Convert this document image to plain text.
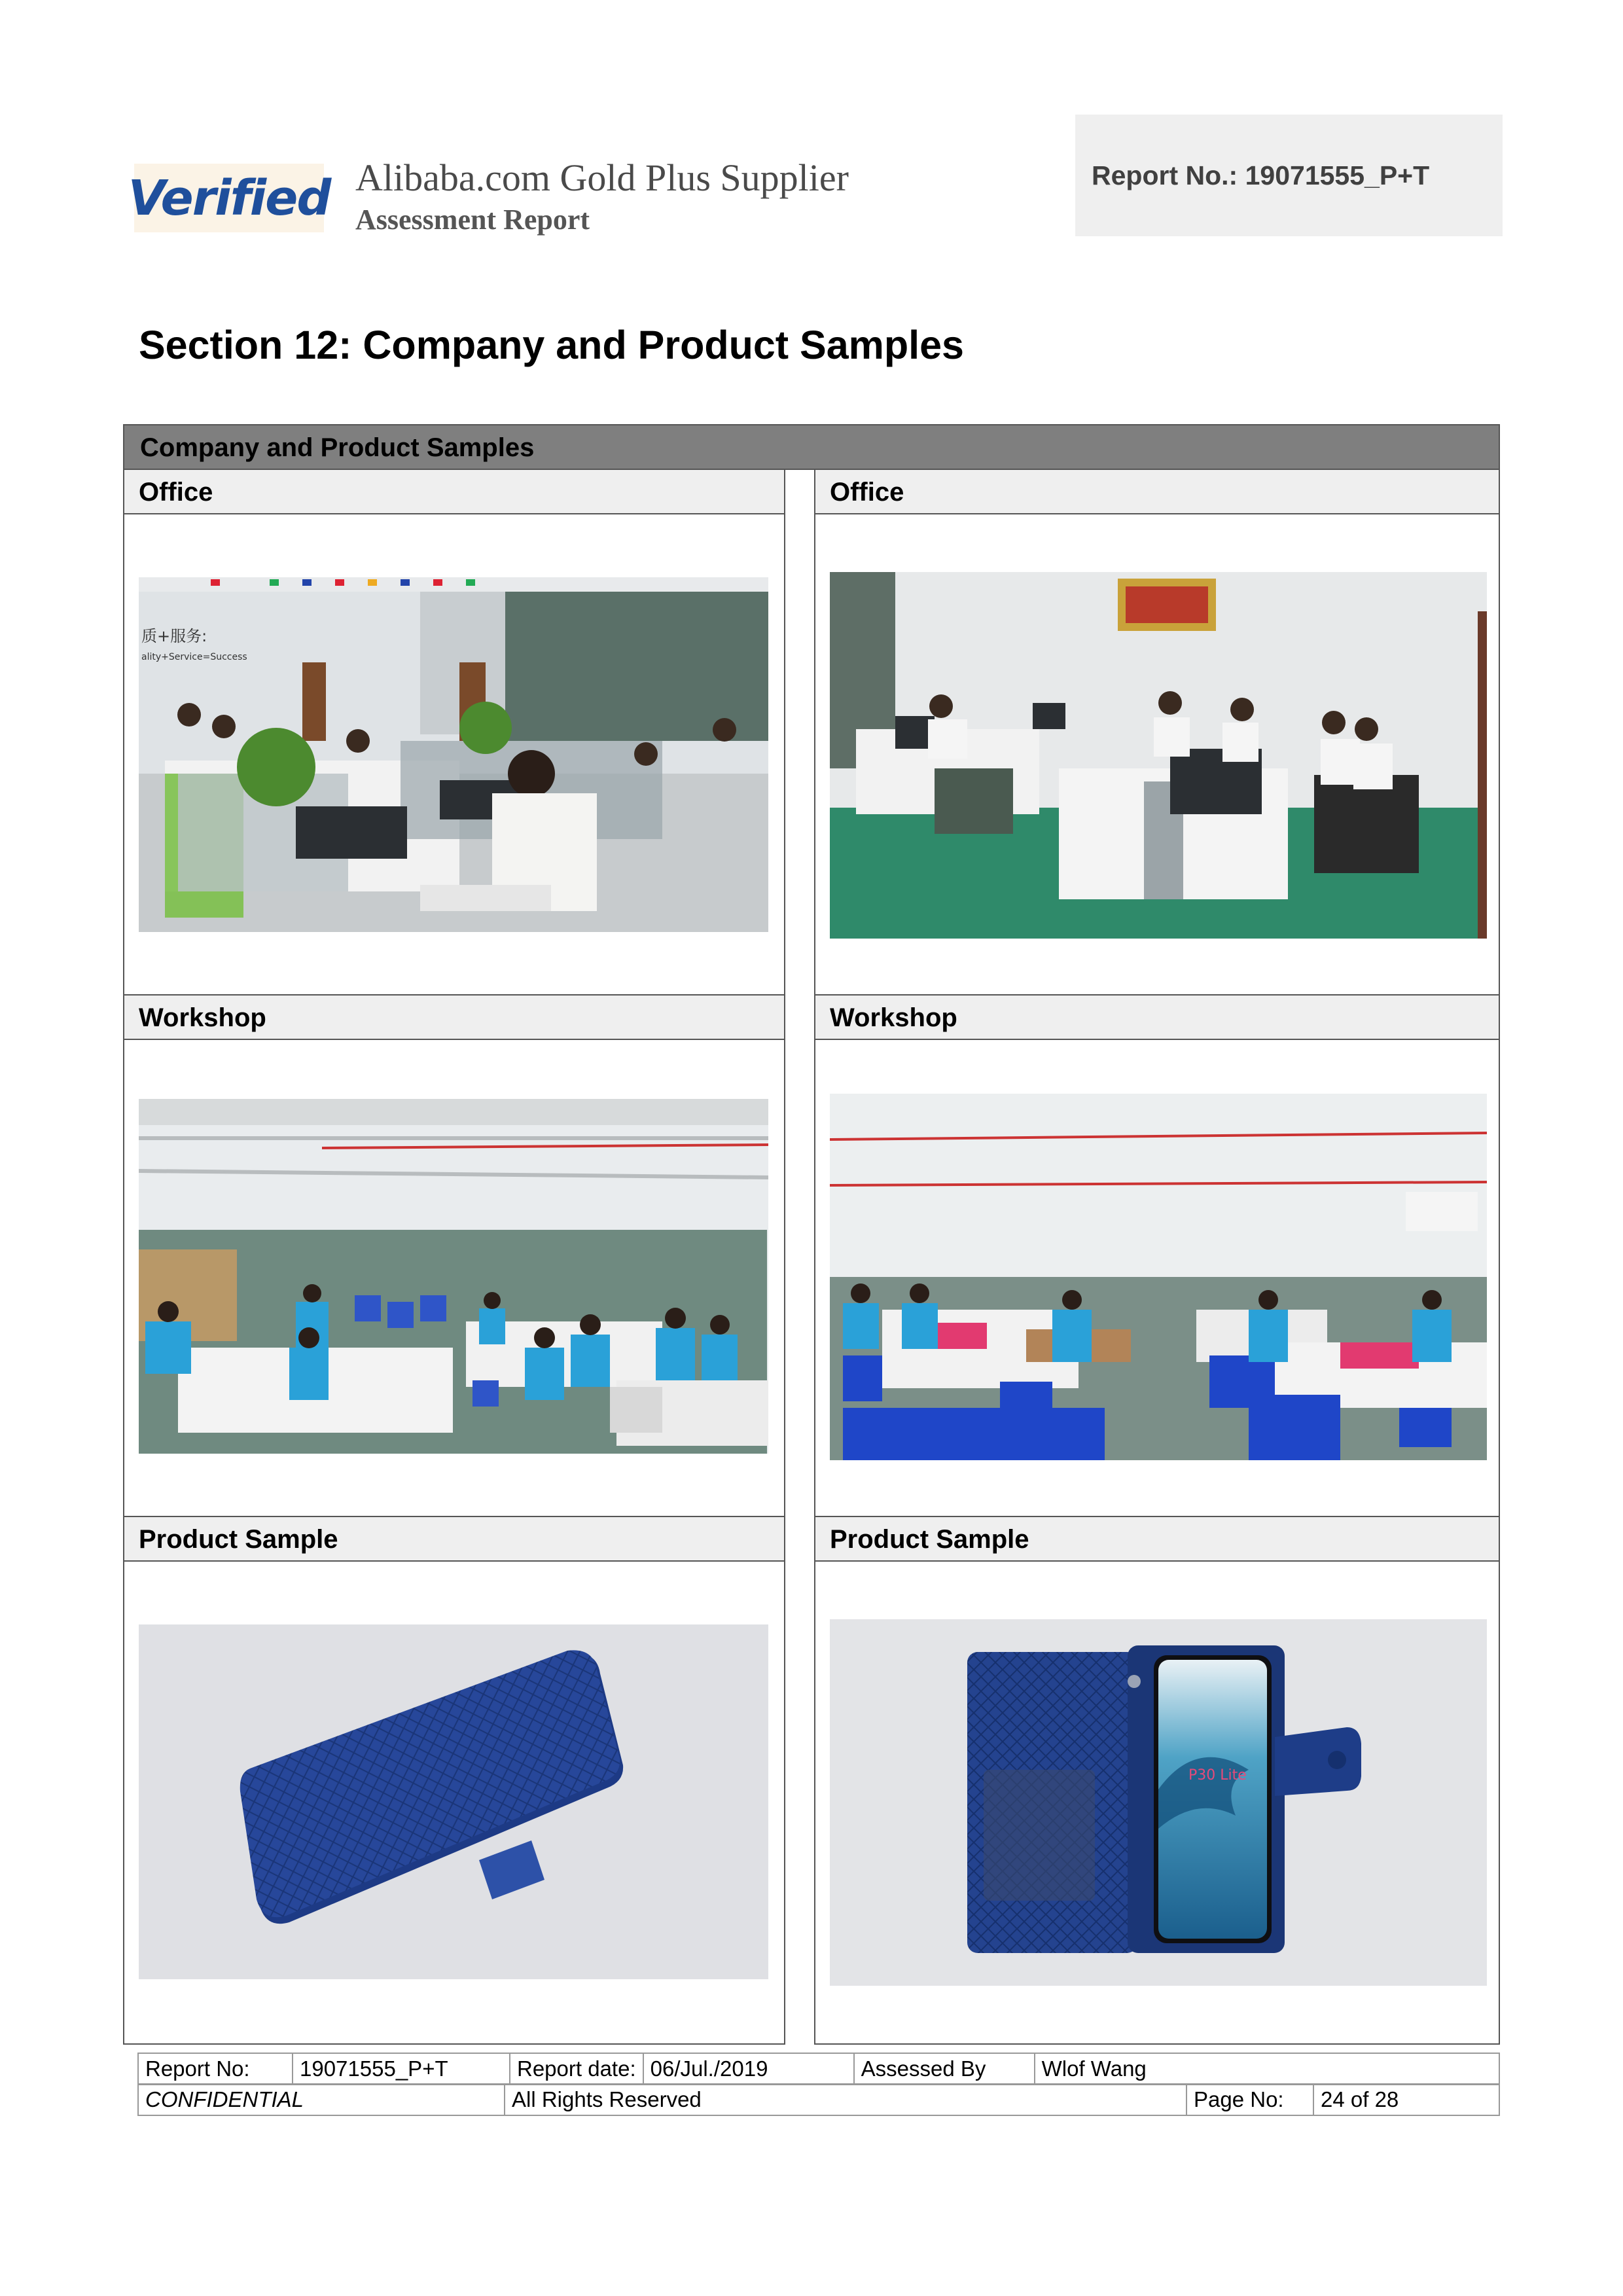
Verified Alibaba.com Gold Plus Supplier
Assessment Report
Report No.: 19071555_P+T
Section 12: Company and Product Samples
Company and Product Samples
Office
质+服务:
ality+Service=Success
Office
Workshop	Workshop
Product Sample	Product Sample
P30 Lite
Report No:	19071555_P+T	Report date:	06/Jul./2019	Assessed By	Wlof Wang
CONFIDENTIAL	All Rights Reserved	Page No:	24 of 28
